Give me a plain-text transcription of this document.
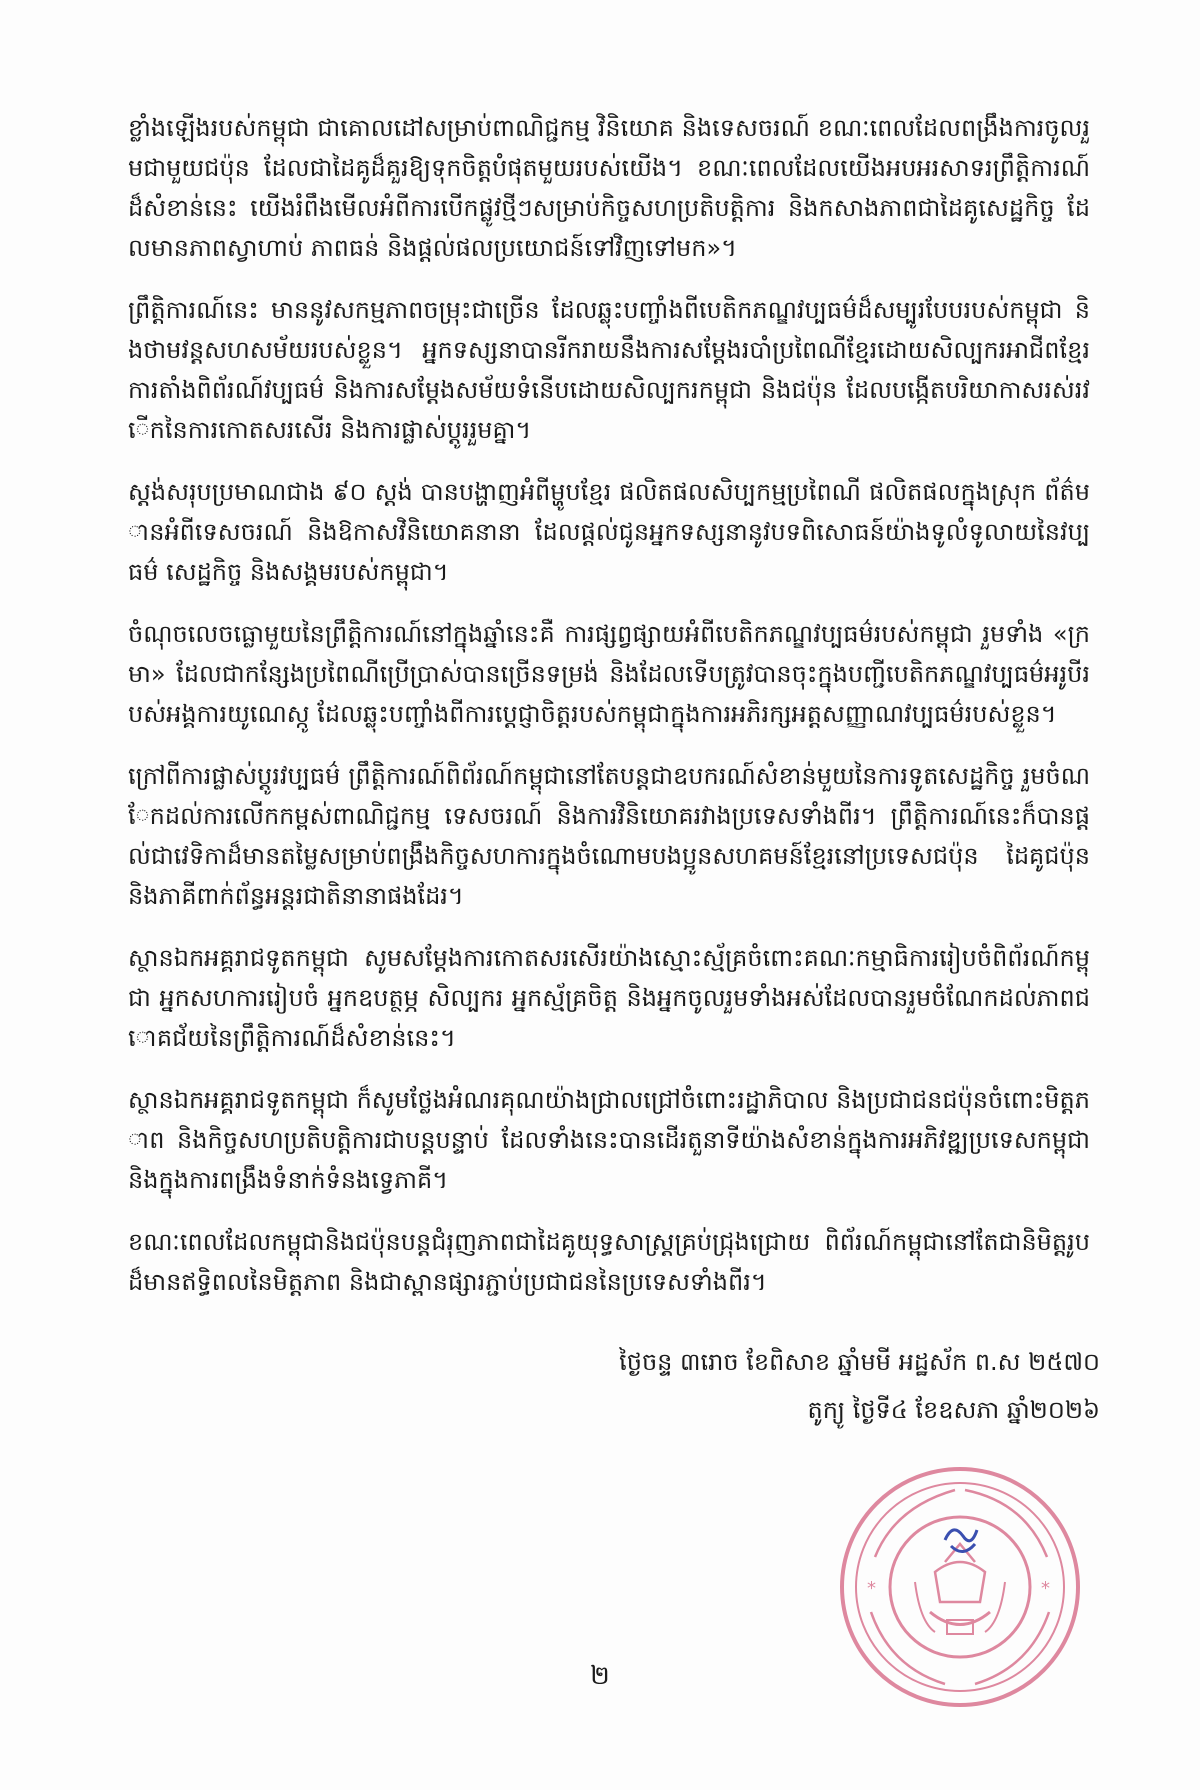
ខ្លាំងឡើងរបស់កម្ពុជា ជាគោលដៅសម្រាប់ពាណិជ្ជកម្ម វិនិយោគ និងទេសចរណ៍ ខណៈពេលដែលពង្រឹងការចូលរួមជាមួយជប៉ុន ដែលជាដៃគូដ៏គួរឱ្យទុកចិត្តបំផុតមួយរបស់យើង។ ខណៈពេលដែលយើងអបអរសាទរព្រឹត្តិការណ៍ដ៏សំខាន់នេះ យើងរំពឹងមើលអំពីការបើកផ្លូវថ្មីៗសម្រាប់កិច្ចសហប្រតិបត្តិការ និងកសាងភាពជាដៃគូសេដ្ឋកិច្ច ដែលមានភាពស្វាហាប់ ភាពធន់ និងផ្តល់ផលប្រយោជន៍ទៅវិញទៅមក»។

ព្រឹត្តិការណ៍នេះ មាននូវសកម្មភាពចម្រុះជាច្រើន ដែលឆ្លុះបញ្ចាំងពីបេតិកភណ្ឌវប្បធម៌ដ៏សម្បូរបែបរបស់កម្ពុជា និងថាមវន្តសហសម័យរបស់ខ្លួន។ អ្នកទស្សនាបានរីករាយនឹងការសម្តែងរបាំប្រពៃណីខ្មែរដោយសិល្បករអាជីពខ្មែរ ការតាំងពិព័រណ៍វប្បធម៌ និងការសម្តែងសម័យទំនើបដោយសិល្បករកម្ពុជា និងជប៉ុន ដែលបង្កើតបរិយាកាសរស់រវើកនៃការកោតសរសើរ និងការផ្លាស់ប្តូររួមគ្នា។

ស្តង់សរុបប្រមាណជាង ៩០ ស្តង់ បានបង្ហាញអំពីម្ហូបខ្មែរ ផលិតផលសិប្បកម្មប្រពៃណី ផលិតផលក្នុងស្រុក ព័ត៌មានអំពីទេសចរណ៍ និងឱកាសវិនិយោគនានា ដែលផ្តល់ជូនអ្នកទស្សនានូវបទពិសោធន៍យ៉ាងទូលំទូលាយនៃវប្បធម៌ សេដ្ឋកិច្ច និងសង្គមរបស់កម្ពុជា។

ចំណុចលេចធ្លោមួយនៃព្រឹត្តិការណ៍នៅក្នុងឆ្នាំនេះគឺ ការផ្សព្វផ្សាយអំពីបេតិកភណ្ឌវប្បធម៌របស់កម្ពុជា រួមទាំង «ក្រមា» ដែលជាកន្សែងប្រពៃណីប្រើប្រាស់បានច្រើនទម្រង់ និងដែលទើបត្រូវបានចុះក្នុងបញ្ជីបេតិកភណ្ឌវប្បធម៌អរូបីរបស់អង្គការយូណេស្កូ ដែលឆ្លុះបញ្ចាំងពីការប្តេជ្ញាចិត្តរបស់កម្ពុជាក្នុងការអភិរក្សអត្តសញ្ញាណវប្បធម៌របស់ខ្លួន។

ក្រៅពីការផ្លាស់ប្តូរវប្បធម៌ ព្រឹត្តិការណ៍ពិព័រណ៍កម្ពុជានៅតែបន្តជាឧបករណ៍សំខាន់មួយនៃការទូតសេដ្ឋកិច្ច រួមចំណែកដល់ការលើកកម្ពស់ពាណិជ្ជកម្ម ទេសចរណ៍ និងការវិនិយោគរវាងប្រទេសទាំងពីរ។ ព្រឹត្តិការណ៍នេះក៏បានផ្តល់ជាវេទិកាដ៏មានតម្លៃសម្រាប់ពង្រឹងកិច្ចសហការក្នុងចំណោមបងប្អូនសហគមន៍ខ្មែរនៅប្រទេសជប៉ុន ដៃគូជប៉ុន និងភាគីពាក់ព័ន្ធអន្តរជាតិនានាផងដែរ។

ស្ថានឯកអគ្គរាជទូតកម្ពុជា សូមសម្តែងការកោតសរសើរយ៉ាងស្មោះស្ម័គ្រចំពោះគណៈកម្មាធិការរៀបចំពិព័រណ៍កម្ពុជា អ្នកសហការរៀបចំ អ្នកឧបត្ថម្ភ សិល្បករ អ្នកស្ម័គ្រចិត្ត និងអ្នកចូលរួមទាំងអស់ដែលបានរួមចំណែកដល់ភាពជោគជ័យនៃព្រឹត្តិការណ៍ដ៏សំខាន់នេះ។

ស្ថានឯកអគ្គរាជទូតកម្ពុជា ក៏សូមថ្លែងអំណរគុណយ៉ាងជ្រាលជ្រៅចំពោះរដ្ឋាភិបាល និងប្រជាជនជប៉ុនចំពោះមិត្តភាព និងកិច្ចសហប្រតិបត្តិការជាបន្តបន្ទាប់ ដែលទាំងនេះបានដើរតួនាទីយ៉ាងសំខាន់ក្នុងការអភិវឌ្ឍប្រទេសកម្ពុជា និងក្នុងការពង្រឹងទំនាក់ទំនងទ្វេភាគី។

ខណៈពេលដែលកម្ពុជានិងជប៉ុនបន្តជំរុញភាពជាដៃគូយុទ្ធសាស្ត្រគ្រប់ជ្រុងជ្រោយ ពិព័រណ៍កម្ពុជានៅតែជានិមិត្តរូបដ៏មានឥទ្ធិពលនៃមិត្តភាព និងជាស្ពានផ្សារភ្ជាប់ប្រជាជននៃប្រទេសទាំងពីរ។

ថ្ងៃចន្ទ ៣រោច ខែពិសាខ ឆ្នាំមមី អដ្ឋស័ក ព.ស ២៥៧០
តូក្យូ ថ្ងៃទី៤ ខែឧសភា ឆ្នាំ២០២៦
*	*
២
